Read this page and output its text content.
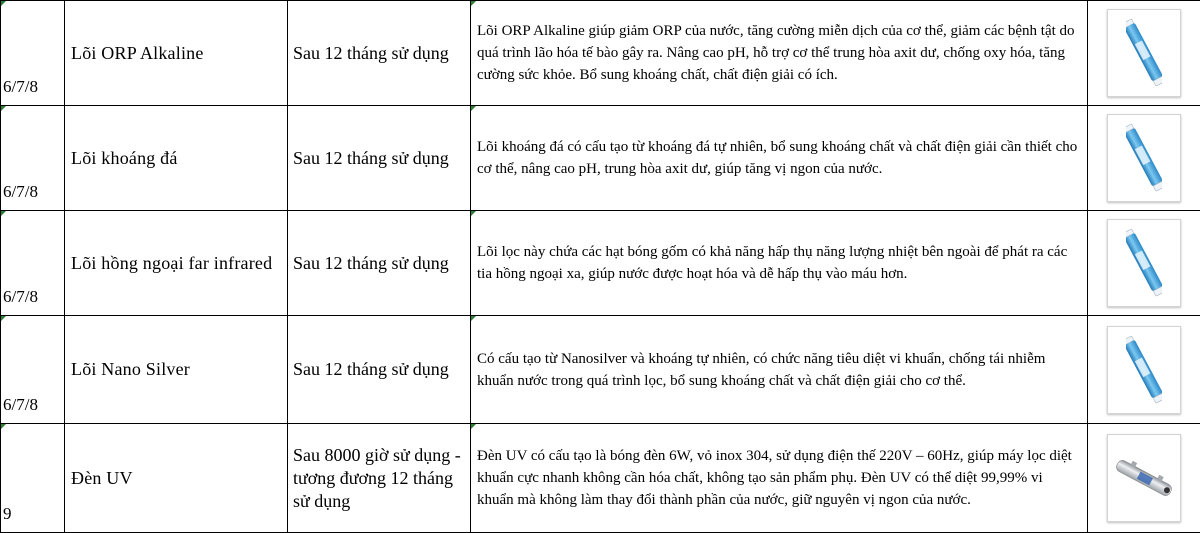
6/7/8	Lõi ORP Alkaline	Sau 12 tháng sử dụng	Lõi ORP Alkaline giúp giảm ORP của nước, tăng cường miễn dịch của cơ thể, giảm các bệnh tật do quá trình lão hóa tế bào gây ra. Nâng cao pH, hỗ trợ cơ thể trung hòa axit dư, chống oxy hóa, tăng cường sức khỏe. Bổ sung khoáng chất, chất điện giải có ích.	

6/7/8	Lõi khoáng đá	Sau 12 tháng sử dụng	Lõi khoáng đá có cấu tạo từ khoáng đá tự nhiên, bổ sung khoáng chất và chất điện giải cần thiết cho cơ thể, nâng cao pH, trung hòa axit dư, giúp tăng vị ngon của nước.	

6/7/8	Lõi hồng ngoại far infrared	Sau 12 tháng sử dụng	Lõi lọc này chứa các hạt bóng gốm có khả năng hấp thụ năng lượng nhiệt bên ngoài để phát ra các tia hồng ngoại xa, giúp nước được hoạt hóa và dễ hấp thụ vào máu hơn.	

6/7/8	Lõi Nano Silver	Sau 12 tháng sử dụng	Có cấu tạo từ Nanosilver và khoáng tự nhiên, có chức năng tiêu diệt vi khuẩn, chống tái nhiễm khuẩn nước trong quá trình lọc, bổ sung khoáng chất và chất điện giải cho cơ thể.	

9	Đèn UV	Sau 8000 giờ sử dụng - tương đương 12 tháng sử dụng	Đèn UV có cấu tạo là bóng đèn 6W, vỏ inox 304, sử dụng điện thế 220V – 60Hz, giúp máy lọc diệt khuẩn cực nhanh không cần hóa chất, không tạo sản phẩm phụ. Đèn UV có thể diệt 99,99% vi khuẩn mà không làm thay đổi thành phần của nước, giữ nguyên vị ngon của nước.	
